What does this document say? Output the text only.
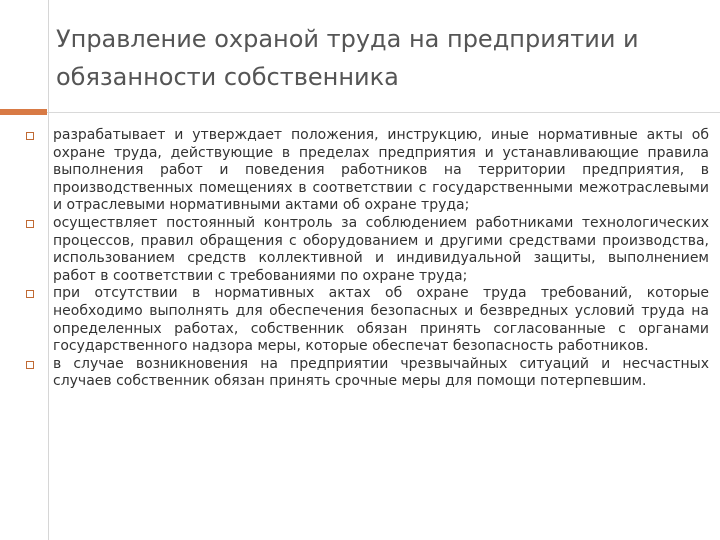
Управление охраной труда на предприятии и обязанности собственника
разрабатывает и утверждает положения, инструкцию, иные нормативные акты об охране труда, действующие в пределах предприятия и устанавливающие правила выполнения работ и поведения работников на территории предприятия, в производственных помещениях в соответствии с государственными межотраслевыми и отраслевыми нормативными актами об охране труда;
осуществляет постоянный контроль за соблюдением работниками технологических процессов, правил обращения с оборудованием и другими средствами производства, использованием средств коллективной и индивидуальной защиты, выполнением работ в соответствии с требованиями по охране труда;
при отсутствии в нормативных актах об охране труда требований, которые необходимо выполнять для обеспечения безопасных и безвредных условий труда на определенных работах, собственник обязан принять согласованные с органами государственного надзора меры, которые обеспечат безопасность работников.
в случае возникновения на предприятии чрезвычайных ситуаций и несчастных случаев собственник обязан принять срочные меры для помощи потерпевшим.
